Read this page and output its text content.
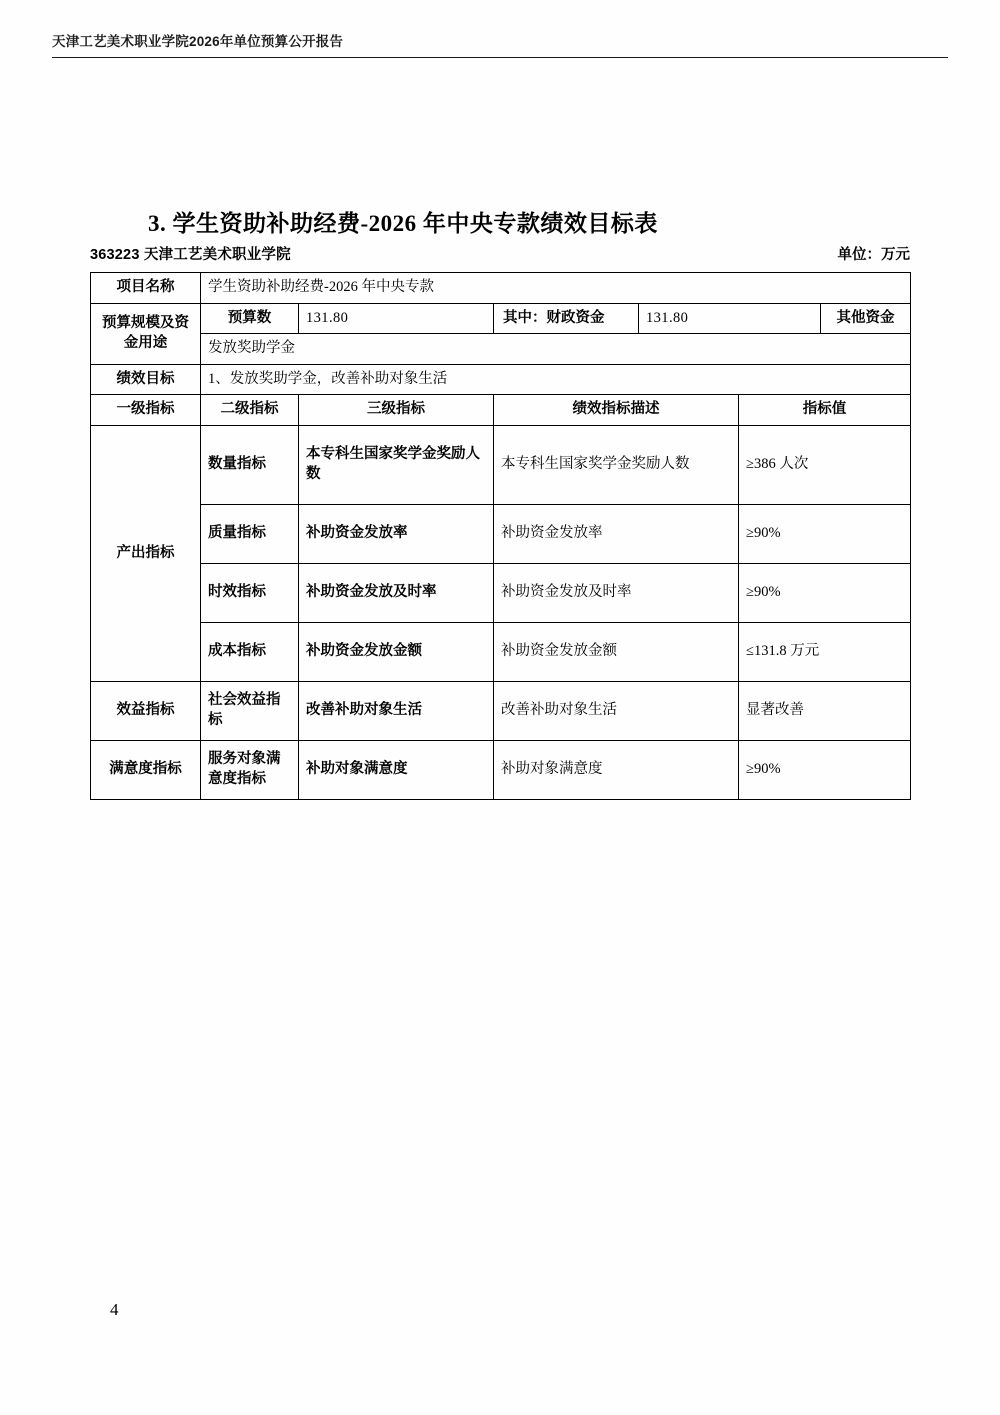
天津工艺美术职业学院2026年单位预算公开报告
3. 学生资助补助经费-2026 年中央专款绩效目标表
363223 天津工艺美术职业学院	单位：万元
项目名称	学生资助补助经费-2026 年中央专款					
预算规模及资金用途	预算数	131.80	其中：财政资金	131.80		其他资金
	发放奖助学金					
绩效目标	1、发放奖助学金，改善补助对象生活					
一级指标	二级指标	三级指标	绩效指标描述		指标值	
产出指标	数量指标	本专科生国家奖学金奖励人数	本专科生国家奖学金奖励人数		≥386 人次	
	质量指标	补助资金发放率	补助资金发放率		≥90%	
	时效指标	补助资金发放及时率	补助资金发放及时率		≥90%	
	成本指标	补助资金发放金额	补助资金发放金额		≤131.8 万元	
效益指标	社会效益指标	改善补助对象生活	改善补助对象生活		显著改善	
满意度指标	服务对象满意度指标	补助对象满意度	补助对象满意度		≥90%	
4
